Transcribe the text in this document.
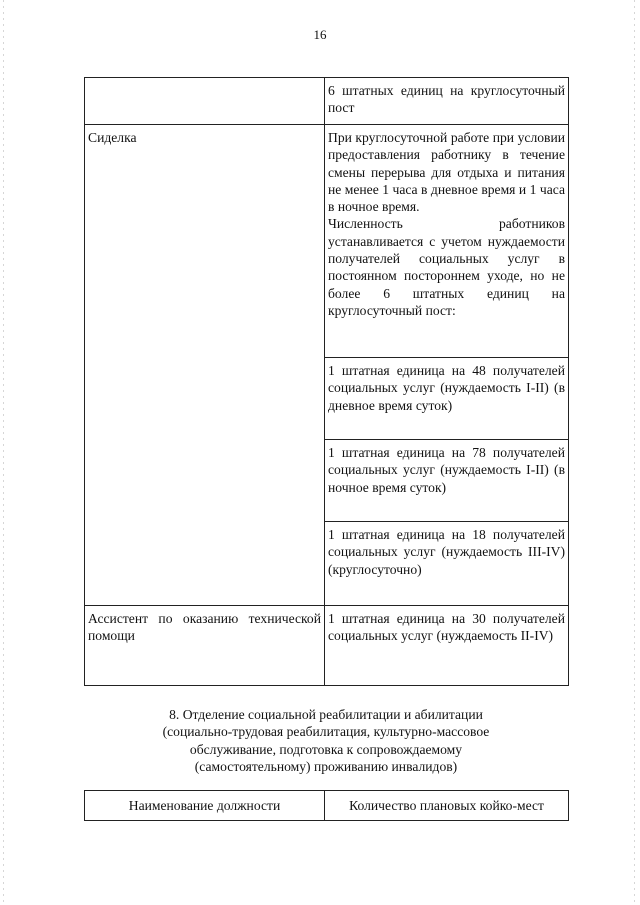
16

	6 штатных единиц на круглосуточный пост

Сиделка	При круглосуточной работе при условии предоставления работнику в течение смены перерыва для отдыха и питания не менее 1 часа в дневное время и 1 часа в ночное время.
Численность работников устанавливается с учетом нуждаемости получателей социальных услуг в постоянном постороннем уходе, но не более 6 штатных единиц на круглосуточный пост:

	1 штатная единица на 48 получателей социальных услуг (нуждаемость I-II) (в дневное время суток)

	1 штатная единица на 78 получателей социальных услуг (нуждаемость I-II) (в ночное время суток)

	1 штатная единица на 18 получателей социальных услуг (нуждаемость III-IV) (круглосуточно)

Ассистент по оказанию технической помощи	1 штатная единица на 30 получателей социальных услуг (нуждаемость II-IV)
8. Отделение социальной реабилитации и абилитации
(социально-трудовая реабилитация, культурно-массовое
обслуживание, подготовка к сопровождаемому
(самостоятельному) проживанию инвалидов)
Наименование должности	Количество плановых койко-мест
